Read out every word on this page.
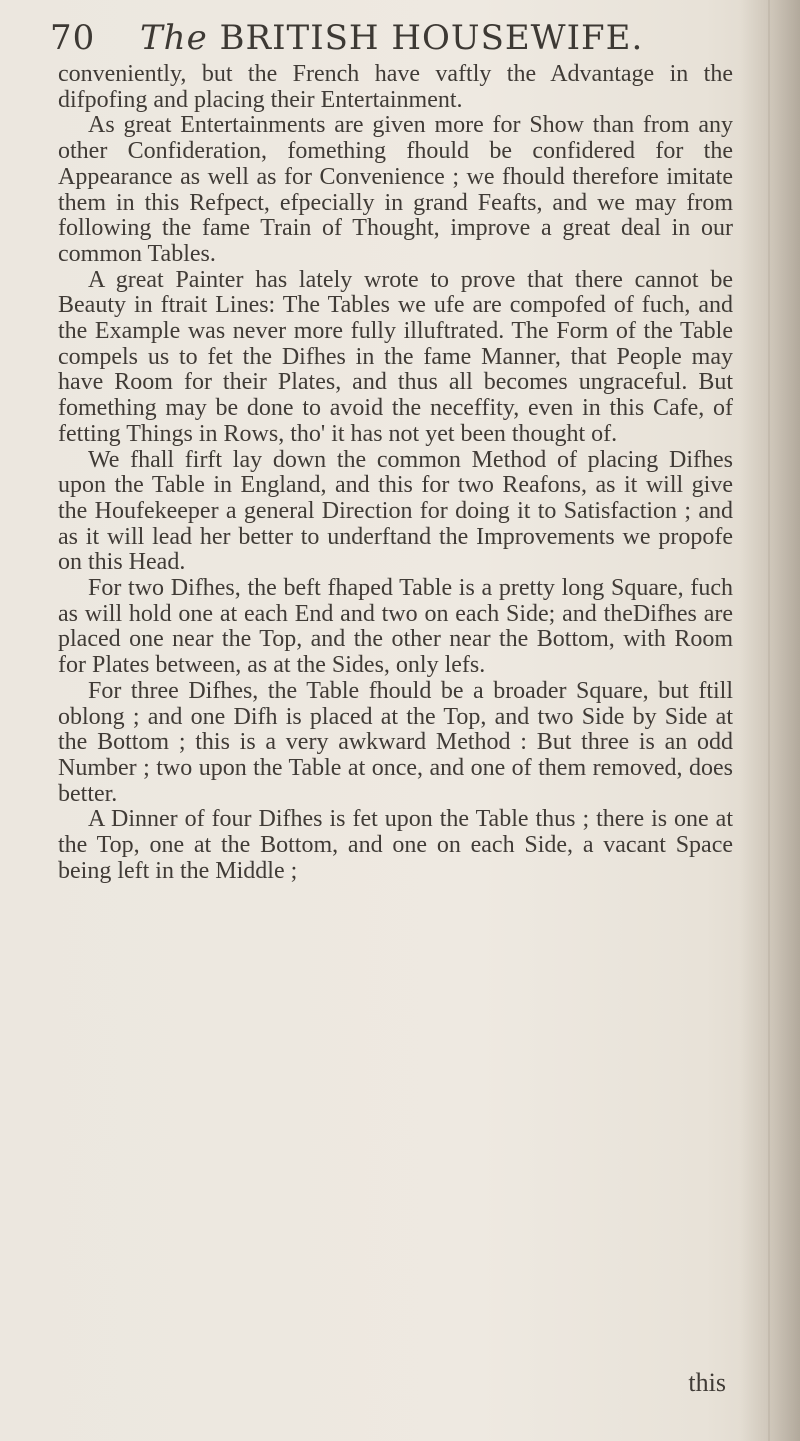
70 The BRITISH HOUSEWIFE.

conveniently, but the French have vaftly the Advantage in the difpofing and placing their Entertainment.

As great Entertainments are given more for Show than from any other Confideration, fomething fhould be confidered for the Appearance as well as for Convenience ; we fhould therefore imitate them in this Refpect, efpecially in grand Feafts, and we may from following the fame Train of Thought, improve a great deal in our common Tables.

A great Painter has lately wrote to prove that there cannot be Beauty in ftrait Lines: The Tables we ufe are compofed of fuch, and the Example was never more fully illuftrated. The Form of the Table compels us to fet the Difhes in the fame Manner, that People may have Room for their Plates, and thus all becomes ungraceful. But fomething may be done to avoid the neceffity, even in this Cafe, of fetting Things in Rows, tho' it has not yet been thought of.

We fhall firft lay down the common Method of placing Difhes upon the Table in England, and this for two Reafons, as it will give the Houfekeeper a general Direction for doing it to Satisfaction ; and as it will lead her better to underftand the Improvements we propofe on this Head.

For two Difhes, the beft fhaped Table is a pretty long Square, fuch as will hold one at each End and two on each Side; and theDifhes are placed one near the Top, and the other near the Bottom, with Room for Plates between, as at the Sides, only lefs.

For three Difhes, the Table fhould be a broader Square, but ftill oblong ; and one Difh is placed at the Top, and two Side by Side at the Bottom ; this is a very awkward Method : But three is an odd Number ; two upon the Table at once, and one of them removed, does better.

A Dinner of four Difhes is fet upon the Table thus ; there is one at the Top, one at the Bottom, and one on each Side, a vacant Space being left in the Middle ;

this
